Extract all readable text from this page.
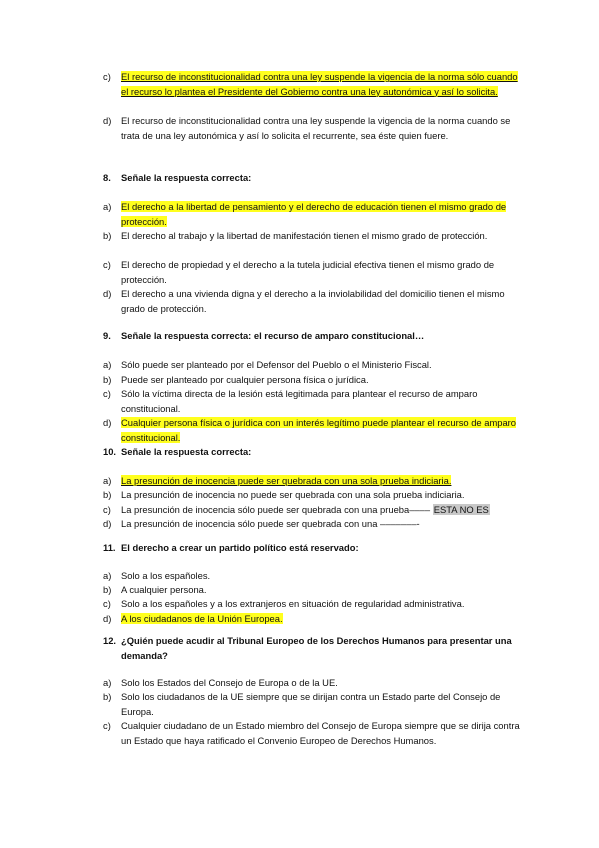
c)	El recurso de inconstitucionalidad contra una ley suspende la vigencia de la norma sólo cuando el recurso lo plantea el Presidente del Gobierno contra una ley autonómica y así lo solicita.
d)	El recurso de inconstitucionalidad contra una ley suspende la vigencia de la norma cuando se trata de una ley autonómica y así lo solicita el recurrente, sea éste quien fuere.
8. Señale la respuesta correcta:
a)	El derecho a la libertad de pensamiento y el derecho de educación tienen el mismo grado de protección.
b)	El derecho al trabajo y la libertad de manifestación tienen el mismo grado de protección.
c)	El derecho de propiedad y el derecho a la tutela judicial efectiva tienen el mismo grado de protección.
d)	El derecho a una vivienda digna y el derecho a la inviolabilidad del domicilio tienen el mismo grado de protección.
9. Señale la respuesta correcta: el recurso de amparo constitucional…
a)	Sólo puede ser planteado por el Defensor del Pueblo o el Ministerio Fiscal.
b)	Puede ser planteado por cualquier persona física o jurídica.
c)	Sólo la víctima directa de la lesión está legitimada para plantear el recurso de amparo constitucional.
d)	Cualquier persona física o jurídica con un interés legítimo puede plantear el recurso de amparo constitucional.
10. Señale la respuesta correcta:
a)	La presunción de inocencia puede ser quebrada con una sola prueba indiciaria.
b)	La presunción de inocencia no puede ser quebrada con una sola prueba indiciaria.
c)	La presunción de inocencia sólo puede ser quebrada con una prueba–––– ESTA NO ES
d)	La presunción de inocencia sólo puede ser quebrada con una –––––––-
11. El derecho a crear un partido político está reservado:
a)	Solo a los españoles.
b)	A cualquier persona.
c)	Solo a los españoles y a los extranjeros en situación de regularidad administrativa.
d)	A los ciudadanos de la Unión Europea.
12. ¿Quién puede acudir al Tribunal Europeo de los Derechos Humanos para presentar una demanda?
a)	Solo los Estados del Consejo de Europa o de la UE.
b)	Solo los ciudadanos de la UE siempre que se dirijan contra un Estado parte del Consejo de Europa.
c)	Cualquier ciudadano de un Estado miembro del Consejo de Europa siempre que se dirija contra un Estado que haya ratificado el Convenio Europeo de Derechos Humanos.
